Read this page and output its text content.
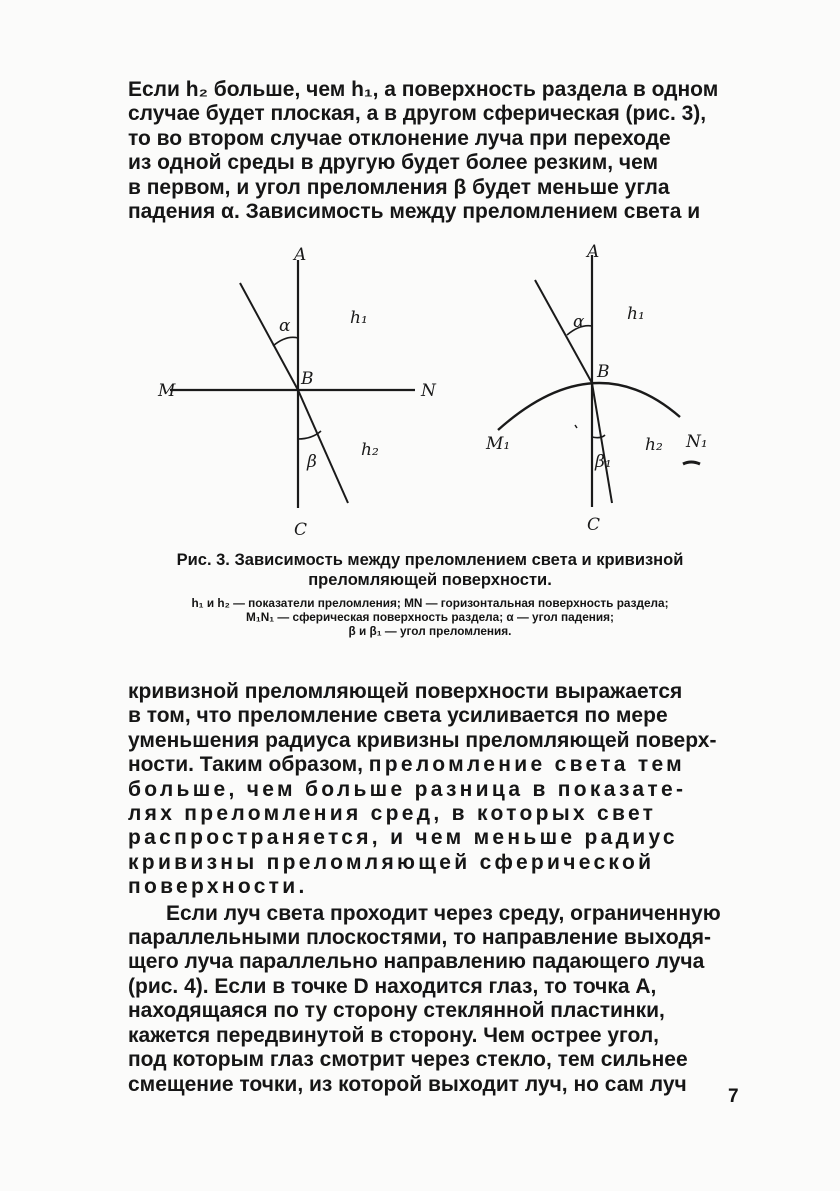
Если h₂ больше, чем h₁, а поверхность раздела в одном

случае будет плоская, а в другом сферическая (рис. 3),

то во втором случае отклонение луча при переходе

из одной среды в другую будет более резким, чем

в первом, и угол преломления β будет меньше угла

падения α. Зависимость между преломлением света и

A
M	N
B
C
h₁
h₂
α
β
A
M₁	N₁
B
C
h₁
h₂
α
β₁

Рис. 3. Зависимость между преломлением света и кривизной преломляющей поверхности.

h₁ и h₂ — показатели преломления; MN — горизонтальная поверхность раздела;
M₁N₁ — сферическая поверхность раздела; α — угол падения;
β и β₁ — угол преломления.

кривизной преломляющей поверхности выражается

в том, что преломление света усиливается по мере

уменьшения радиуса кривизны преломляющей поверх-

ности. Таким образом, преломление света тем

больше, чем больше разница в показате-

лях преломления сред, в которых свет

распространяется, и чем меньше радиус

кривизны преломляющей сферической

поверхности.

Если луч света проходит через среду, ограниченную

параллельными плоскостями, то направление выходя-

щего луча параллельно направлению падающего луча

(рис. 4). Если в точке D находится глаз, то точка A,

находящаяся по ту сторону стеклянной пластинки,

кажется передвинутой в сторону. Чем острее угол,

под которым глаз смотрит через стекло, тем сильнее

смещение точки, из которой выходит луч, но сам луч

7
